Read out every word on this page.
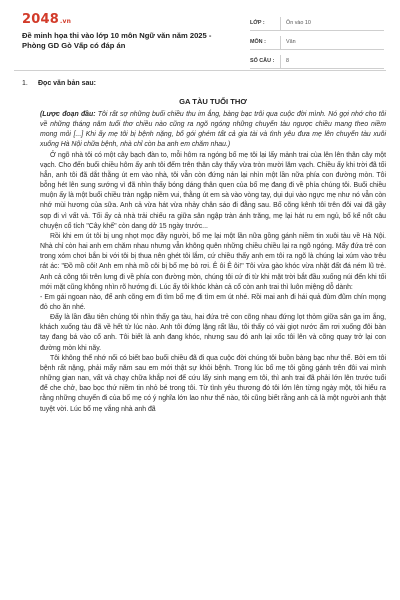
2048.vn
Đề minh họa thi vào lớp 10 môn Ngữ văn năm 2025 - Phòng GD Gò Vấp có đáp án
LỚP :	Ôn vào 10
MÔN :	Văn
SỐ CÂU :	8
1.	Đọc văn bản sau:
GA TÀU TUỔI THƠ

(Lược đoạn đầu: Tôi rất sợ những buổi chiều thu im ắng, bàng bạc trôi qua cuộc đời mình. Nó gợi nhớ cho tôi về những tháng năm tuổi thơ chiều nào cũng ra ngõ ngóng những chuyến tàu ngược chiều mang theo niềm mong mỏi [...] Khi ấy mẹ tôi bị bệnh nặng, bố gói ghém tất cả gia tài và tình yêu đưa mẹ lên chuyến tàu xuôi xuống Hà Nội chữa bệnh, nhà chỉ còn ba anh em chăm nhau.)

Ở ngõ nhà tôi có một cây bạch đàn to, mỗi hôm ra ngóng bố mẹ tôi lại lấy mảnh trai cùa lên lên thân cây một vạch. Cho đến buổi chiều hôm ấy anh tôi đếm trên thân cây thấy vừa tròn mười lăm vạch. Chiều ấy khi trời đã tối hẳn, anh tôi đã dắt thằng út em vào nhà, tôi vẫn còn đứng nán lại nhìn một lần nữa phía con đường mòn. Tôi bỗng hét lên sung sướng vì đã nhìn thấy bóng dáng thân quen của bố mẹ đang đi về phía chúng tôi. Buổi chiều muộn ấy là một buổi chiều tràn ngập niềm vui, thằng út em sà vào vòng tay, dụi dụi vào ngực mẹ như nó vẫn còn nhớ mùi hương của sữa. Anh cả vừa hát vừa nhảy chân sáo đi đằng sau. Bố cõng kênh tôi trên đôi vai đã gầy sọp đi vì vất vả. Tối ấy cả nhà trải chiếu ra giữa sân ngập tràn ánh trăng, mẹ lại hát ru em ngủ, bố kể nốt câu chuyện cổ tích "Cây khế" còn dang dở 15 ngày trước...

Rồi khi em út tôi bị ung nhọt mọc đầy người, bố mẹ lại một lần nữa gồng gánh niềm tin xuôi tàu về Hà Nội. Nhà chỉ còn hai anh em chăm nhau nhưng vẫn không quên những chiều chiều lại ra ngõ ngóng. Mấy đứa trẻ con trong xóm chơi bắn bi với tôi bị thua nên ghét tôi lắm, cứ chiều thấy anh em tôi ra ngõ là chúng lại xúm vào trêu rát ác: "Đồ mồ côi! Anh em nhà mồ côi bị bố mẹ bỏ rơi. Ê ôi Ê ôi!" Tôi vừa gào khóc vừa nhặt đất đá ném lũ trẻ. Anh cả cõng tôi trên lưng đi về phía con đường mòn, chúng tôi cứ đi từ khi mặt trời bắt đầu xuống núi đến khi tối mới mặt cũng không nhìn rõ hướng đi. Lúc ấy tôi khóc khàn cả cổ còn anh trai thì luôn miệng dỗ dành:

- Em gái ngoan nào, để anh cõng em đi tìm bố mẹ đi tìm em út nhé. Rồi mai anh đi hái quả đùm đũm chín mọng đỏ cho ăn nhé.

Đấy là lần đầu tiên chúng tôi nhìn thấy ga tàu, hai đứa trẻ con cõng nhau đứng lọt thỏm giữa sân ga im ắng, khách xuống tàu đã về hết từ lúc nào. Anh tôi đứng lặng rất lâu, tôi thấy có vài giọt nước ấm rơi xuống đôi bàn tay đang bá vào cổ anh. Tôi biết là anh đang khóc, nhưng sau đó anh lại xốc tôi lên và cõng quay trở lại con đường mòn khi nãy.

Tôi không thể nhớ nổi có biết bao buổi chiều đã đi qua cuộc đời chúng tôi buồn bàng bạc như thế. Bởi em tôi bệnh rất nặng, phải mấy năm sau em mới thật sự khỏi bệnh. Trong lúc bố mẹ tôi gồng gánh trên đôi vai mình những gian nan, vất vả chạy chữa khắp nơi để cứu lấy sinh mạng em tôi, thì anh trai đã phải lớn lên trước tuổi để che chở, bao bọc thứ niềm tin nhỏ bé trong tôi. Từ tình yêu thương đó tôi lớn lên từng ngày một, tôi hiểu ra rằng những chuyến đi của bố mẹ có ý nghĩa lớn lao như thế nào, tôi cũng biết rằng anh cả là một người anh thật tuyệt vời. Lúc bố mẹ vắng nhà anh đã
